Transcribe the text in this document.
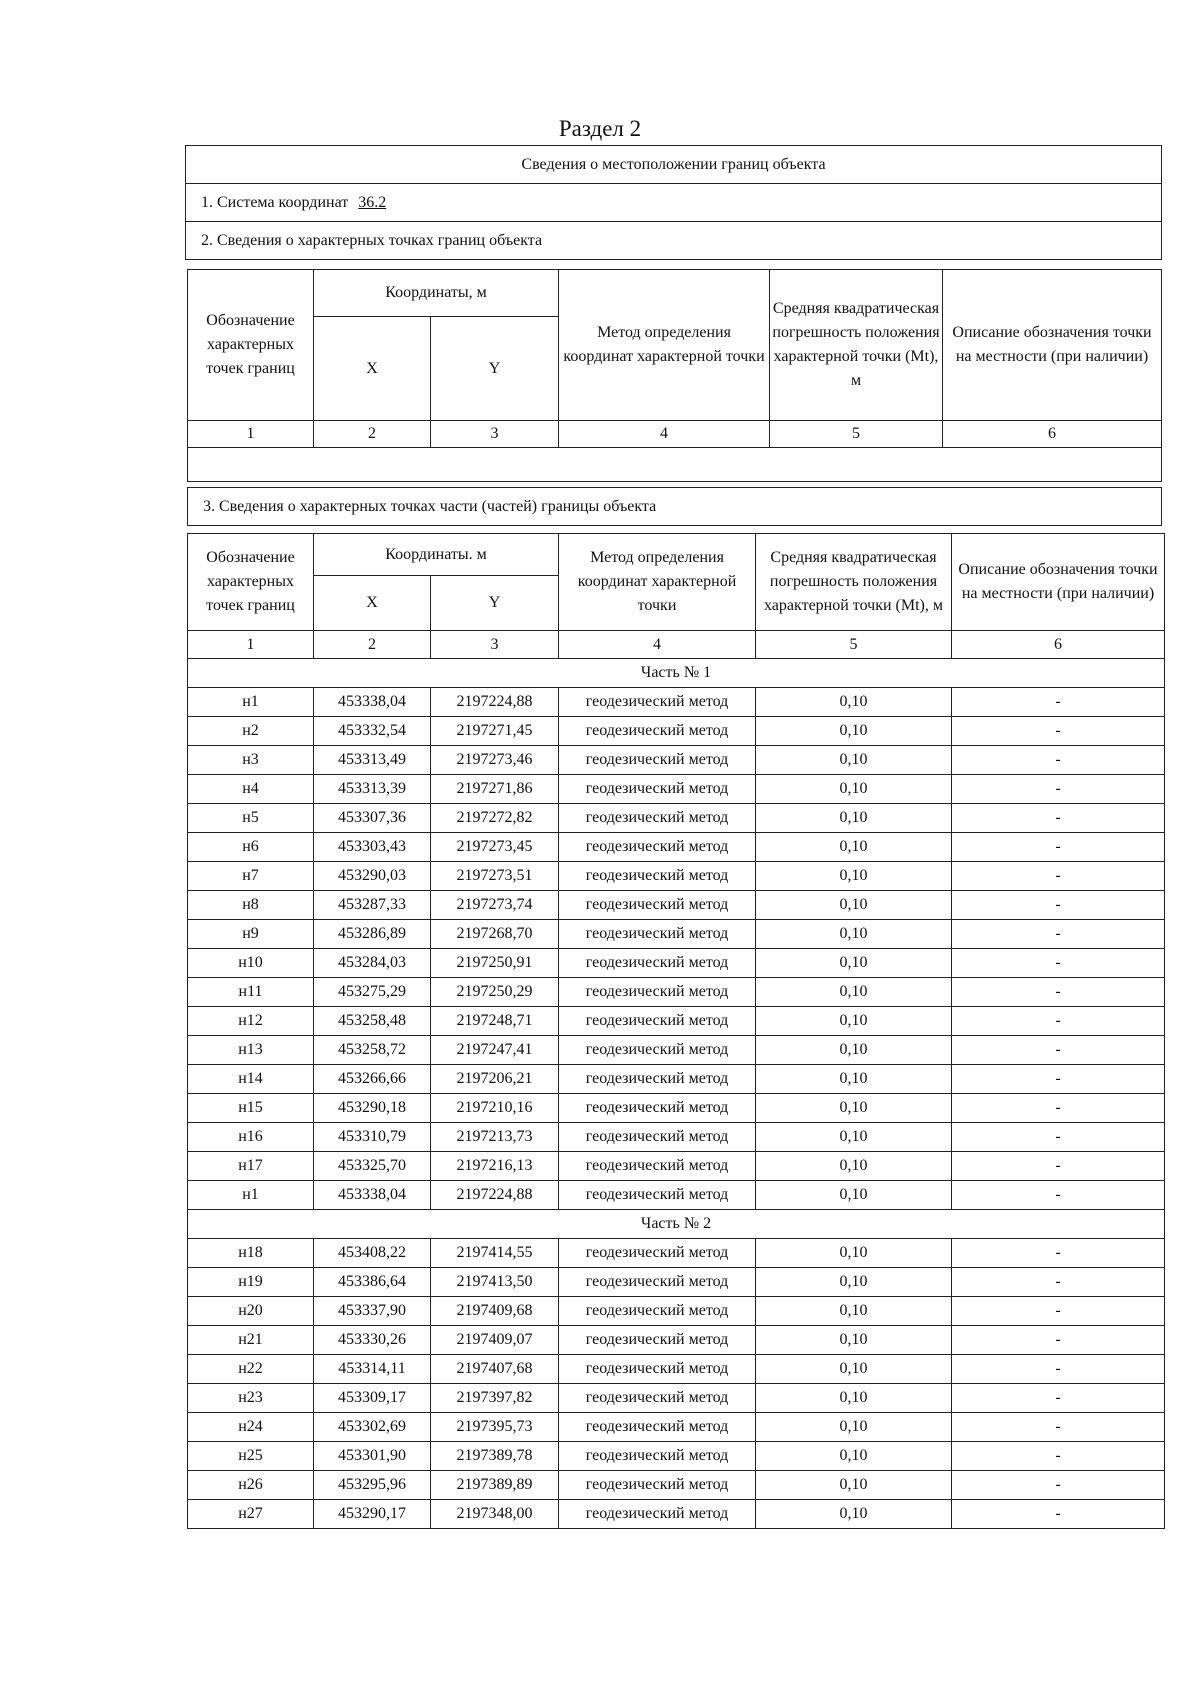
Раздел 2
Сведения о местоположении границ объекта
1. Система координат 36.2
2. Сведения о характерных точках границ объекта
Обозначение характерных точек границ	Координаты, м		Метод определения координат характерной точки	Средняя квадратическая погрешность положения характерной точки (Mt), м	Описание обозначения точки на местности (при наличии)
	X	Y			
1	2	3	4	5	6

3. Сведения о характерных точках части (частей) границы объекта
Обозначение характерных точек границ	Координаты. м		Метод определения координат характерной точки	Средняя квадратическая погрешность положения характерной точки (Mt), м	Описание обозначения точки на местности (при наличии)
	X	Y			
1	2	3	4	5	6
Часть № 1					
н1	453338,04	2197224,88	геодезический метод	0,10	-
н2	453332,54	2197271,45	геодезический метод	0,10	-
н3	453313,49	2197273,46	геодезический метод	0,10	-
н4	453313,39	2197271,86	геодезический метод	0,10	-
н5	453307,36	2197272,82	геодезический метод	0,10	-
н6	453303,43	2197273,45	геодезический метод	0,10	-
н7	453290,03	2197273,51	геодезический метод	0,10	-
н8	453287,33	2197273,74	геодезический метод	0,10	-
н9	453286,89	2197268,70	геодезический метод	0,10	-
н10	453284,03	2197250,91	геодезический метод	0,10	-
н11	453275,29	2197250,29	геодезический метод	0,10	-
н12	453258,48	2197248,71	геодезический метод	0,10	-
н13	453258,72	2197247,41	геодезический метод	0,10	-
н14	453266,66	2197206,21	геодезический метод	0,10	-
н15	453290,18	2197210,16	геодезический метод	0,10	-
н16	453310,79	2197213,73	геодезический метод	0,10	-
н17	453325,70	2197216,13	геодезический метод	0,10	-
н1	453338,04	2197224,88	геодезический метод	0,10	-
Часть № 2					
н18	453408,22	2197414,55	геодезический метод	0,10	-
н19	453386,64	2197413,50	геодезический метод	0,10	-
н20	453337,90	2197409,68	геодезический метод	0,10	-
н21	453330,26	2197409,07	геодезический метод	0,10	-
н22	453314,11	2197407,68	геодезический метод	0,10	-
н23	453309,17	2197397,82	геодезический метод	0,10	-
н24	453302,69	2197395,73	геодезический метод	0,10	-
н25	453301,90	2197389,78	геодезический метод	0,10	-
н26	453295,96	2197389,89	геодезический метод	0,10	-
н27	453290,17	2197348,00	геодезический метод	0,10	-
